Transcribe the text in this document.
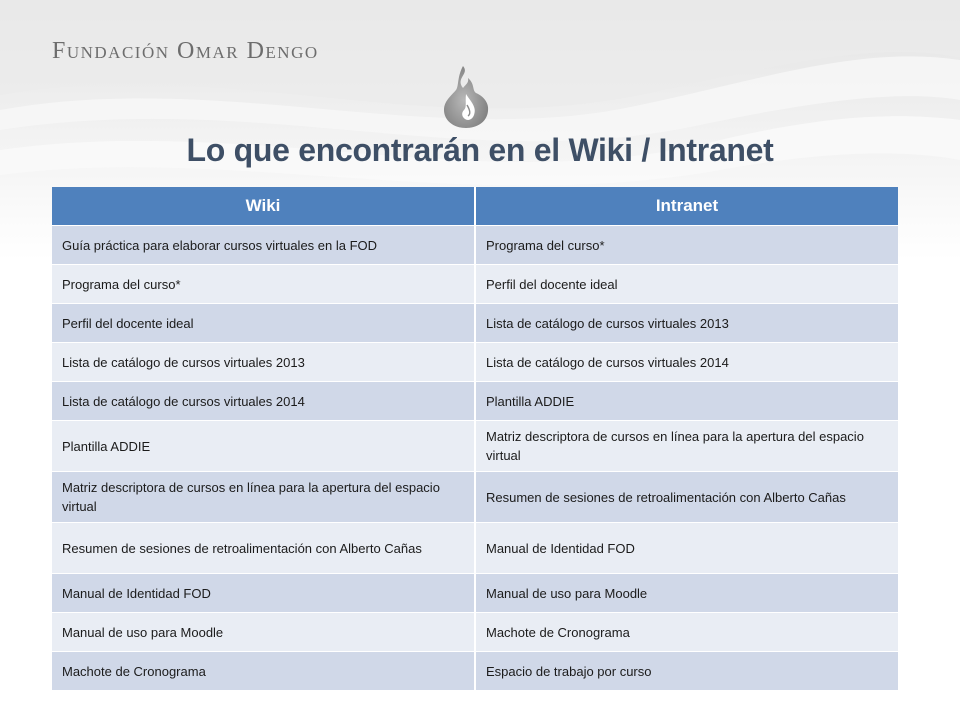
Fundación Omar Dengo
Lo que encontrarán en el Wiki / Intranet
Wiki	Intranet
Guía práctica para elaborar cursos virtuales en la FOD	Programa del curso*
Programa del curso*	Perfil del docente ideal
Perfil del docente ideal	Lista de catálogo de cursos virtuales 2013
Lista de catálogo de cursos virtuales 2013	Lista de catálogo de cursos virtuales 2014
Lista de catálogo de cursos virtuales 2014	Plantilla ADDIE
Plantilla ADDIE	Matriz descriptora de cursos en línea para la apertura del espacio virtual
Matriz descriptora de cursos en línea para la apertura del espacio virtual	Resumen de sesiones de retroalimentación con Alberto Cañas
Resumen de sesiones de retroalimentación con Alberto Cañas	Manual de Identidad FOD
Manual de Identidad FOD	Manual de uso para Moodle
Manual de uso para Moodle	Machote de Cronograma
Machote de Cronograma	Espacio de trabajo por curso
